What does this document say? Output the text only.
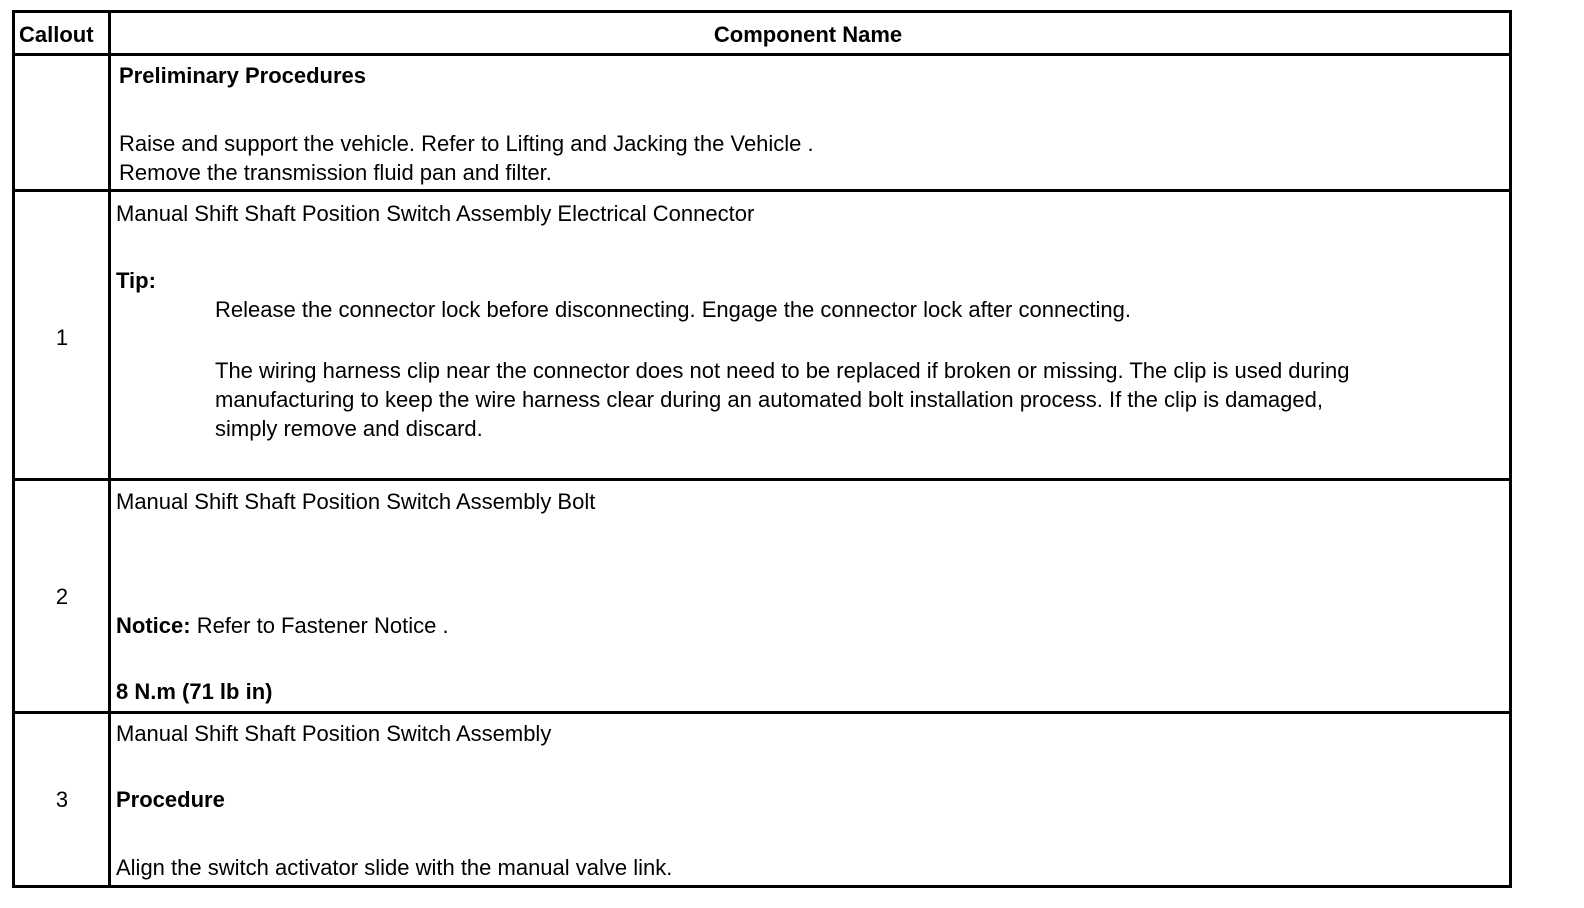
Callout	Component Name
Preliminary Procedures
Raise and support the vehicle. Refer to Lifting and Jacking the Vehicle .
Remove the transmission fluid pan and filter.
1
Manual Shift Shaft Position Switch Assembly Electrical Connector
Tip:
Release the connector lock before disconnecting. Engage the connector lock after connecting.
The wiring harness clip near the connector does not need to be replaced if broken or missing. The clip is used during
manufacturing to keep the wire harness clear during an automated bolt installation process. If the clip is damaged,
simply remove and discard.
2
Manual Shift Shaft Position Switch Assembly Bolt
Notice: Refer to Fastener Notice .
8 N.m (71 lb in)
3
Manual Shift Shaft Position Switch Assembly
Procedure
Align the switch activator slide with the manual valve link.
